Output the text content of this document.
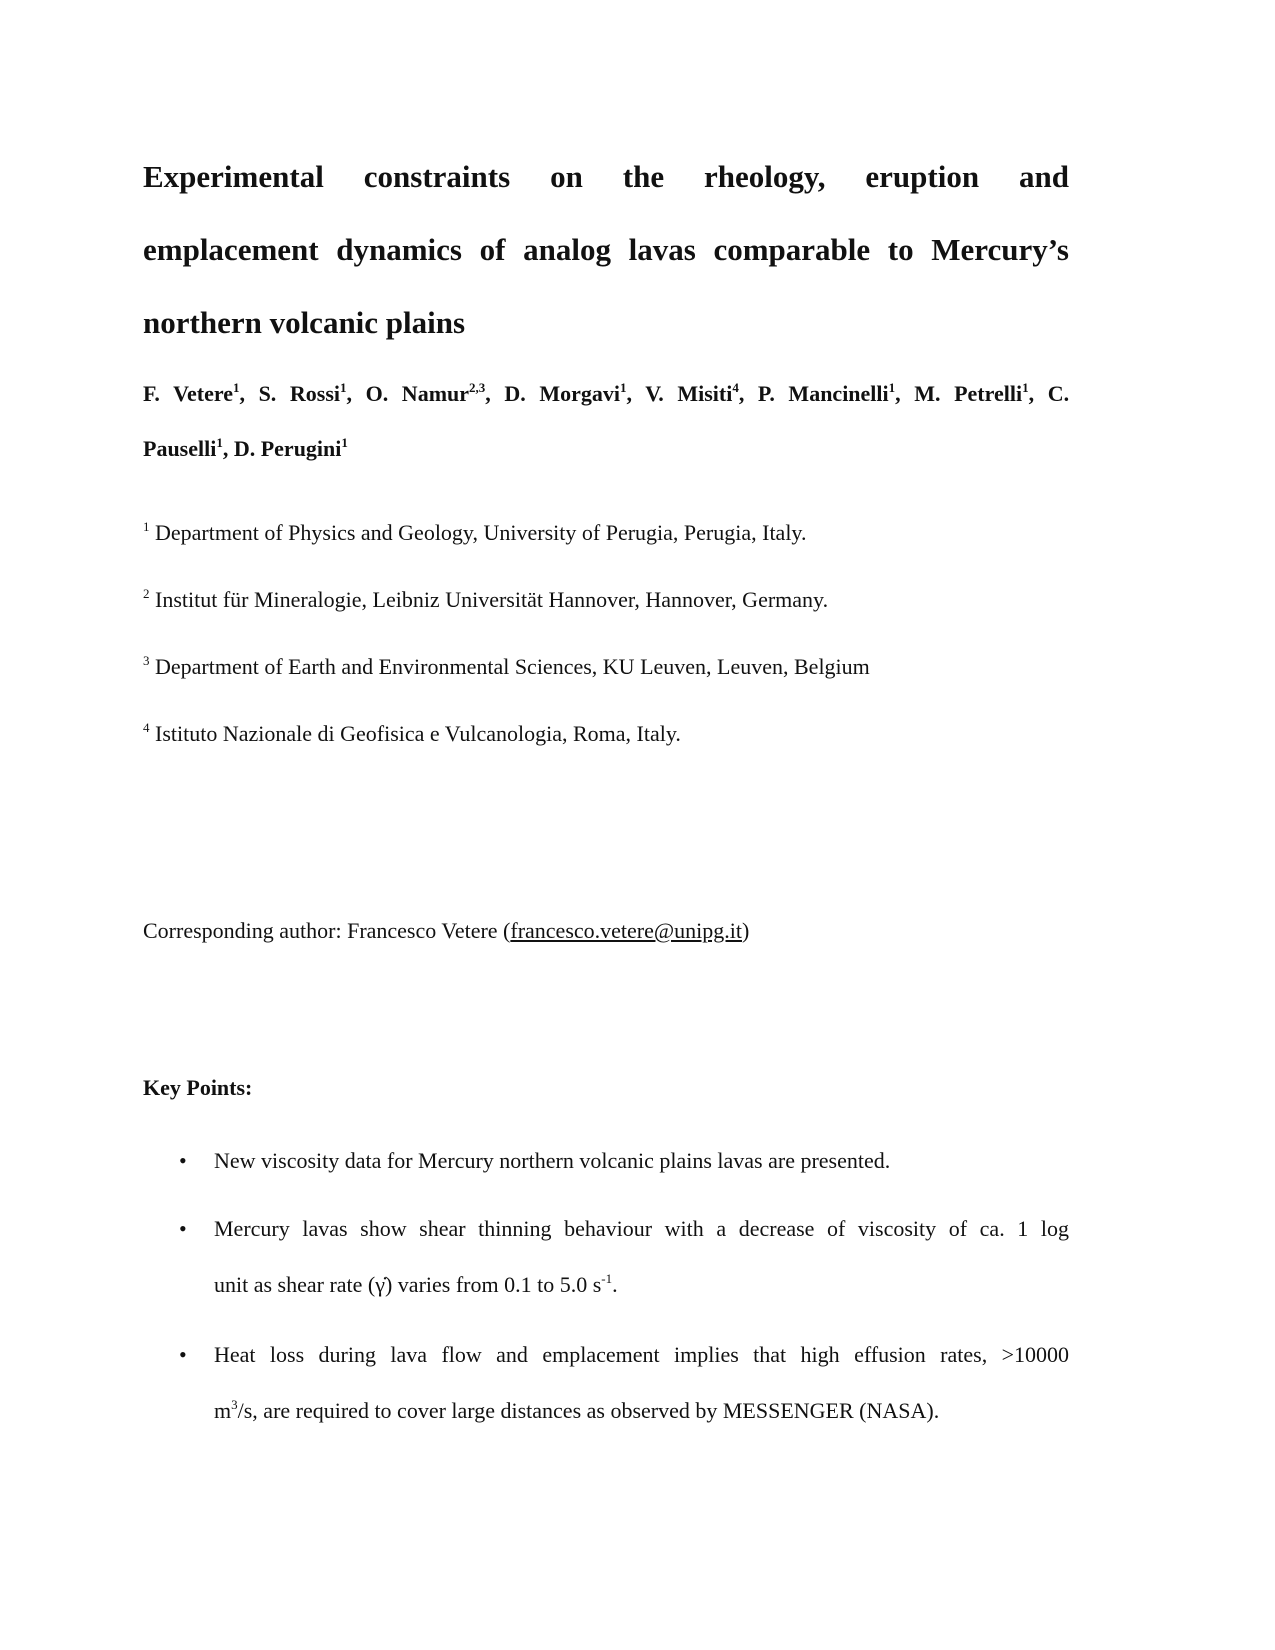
Experimental constraints on the rheology, eruption and
emplacement dynamics of analog lavas comparable to Mercury’s
northern volcanic plains
F. Vetere$^1$, S. Rossi$^1$, O. Namur$^{2,3}$, D. Morgavi$^1$, V. Misiti$^4$, P. Mancinelli$^1$, M. Petrelli$^1$, C.
Pauselli$^1$, D. Perugini$^1$
$^1$ Department of Physics and Geology, University of Perugia, Perugia, Italy.
$^2$ Institut für Mineralogie, Leibniz Universität Hannover, Hannover, Germany.
$^3$ Department of Earth and Environmental Sciences, KU Leuven, Leuven, Belgium
$^4$ Istituto Nazionale di Geofisica e Vulcanologia, Roma, Italy.
Corresponding author: Francesco Vetere (francesco.vetere@unipg.it)
Key Points:
• New viscosity data for Mercury northern volcanic plains lavas are presented.
• Mercury lavas show shear thinning behaviour with a decrease of viscosity of ca. 1 log
unit as shear rate (γ̇) varies from 0.1 to 5.0 $s^{-1}$.
• Heat loss during lava flow and emplacement implies that high effusion rates, >10000
$m^3/s$, are required to cover large distances as observed by MESSENGER (NASA).
